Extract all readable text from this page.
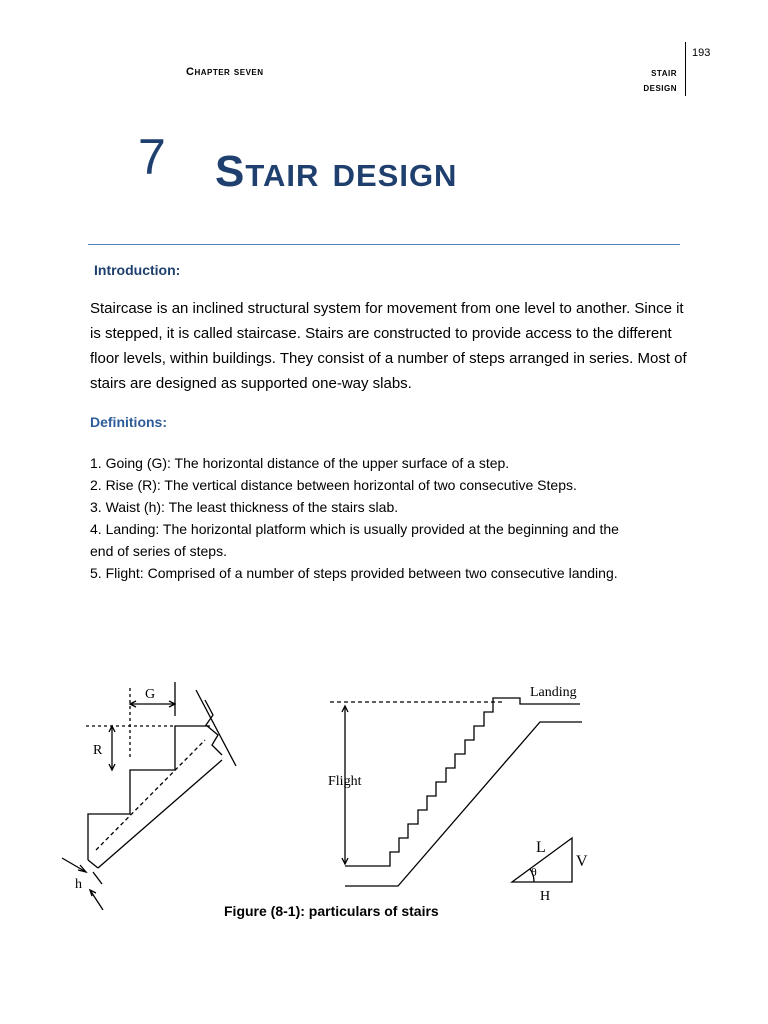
193
Chapter seven	stair
design
7 Stair design
Introduction:
Staircase is an inclined structural system for movement from one level to another. Since it is stepped, it is called staircase. Stairs are constructed to provide access to the different floor levels, within buildings. They consist of a number of steps arranged in series. Most of stairs are designed as supported one-way slabs.
Definitions:
1. Going (G): The horizontal distance of the upper surface of a step.
2. Rise (R): The vertical distance between horizontal of two consecutive Steps.
3. Waist (h): The least thickness of the stairs slab.
4. Landing: The horizontal platform which is usually provided at the beginning and the end of series of steps.
5. Flight: Comprised of a number of steps provided between two consecutive landing.
G
R
h
Landing
Flight
L
V
H
θ
Figure (8-1): particulars of stairs
